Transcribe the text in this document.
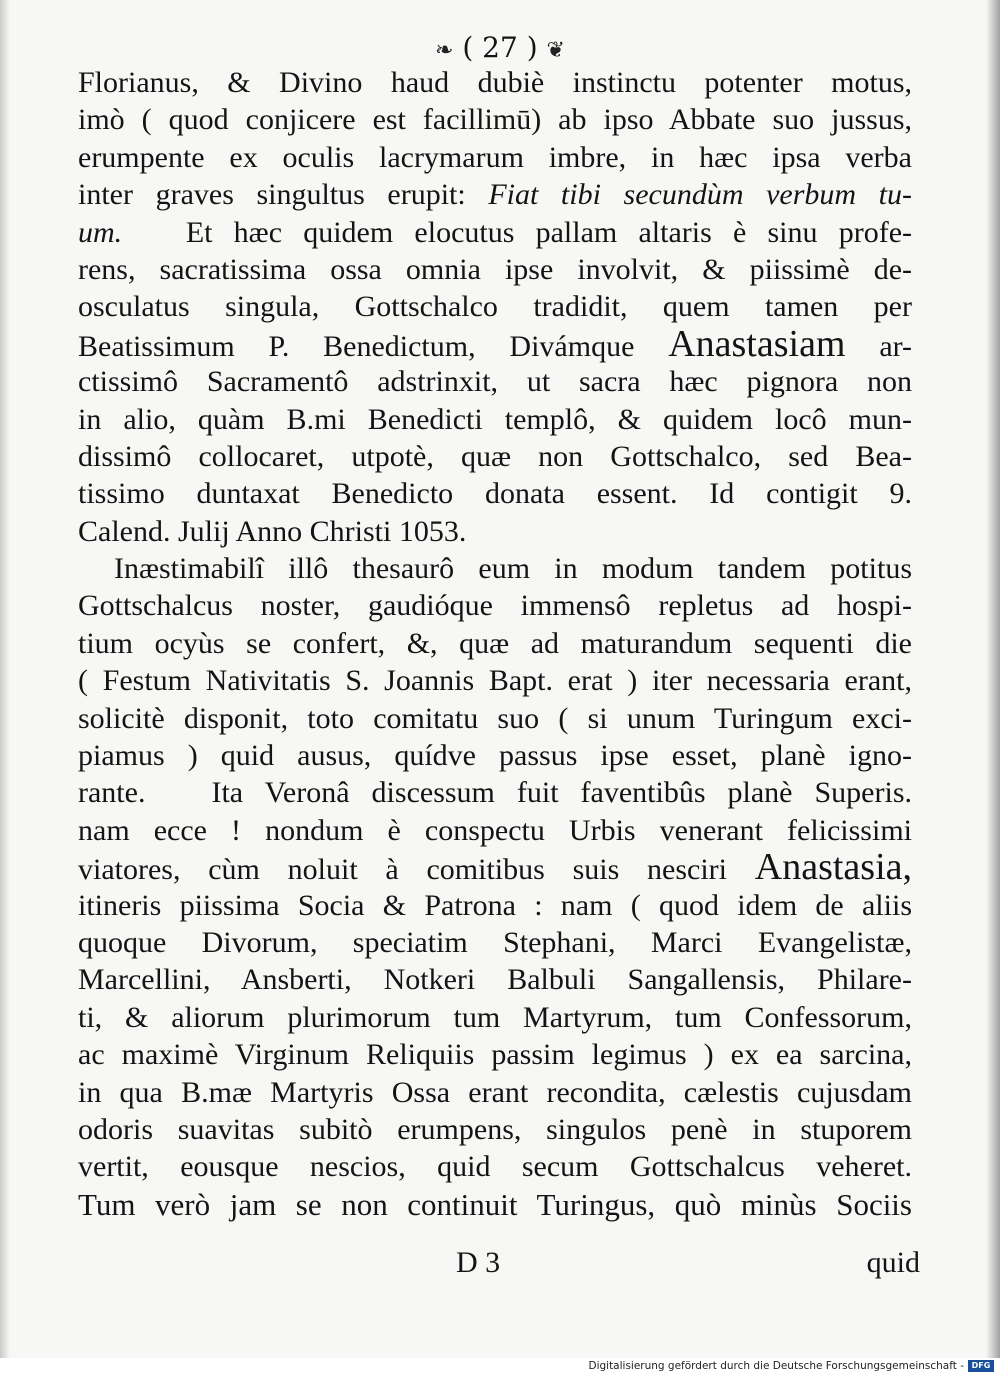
❧ ( 27 ) ❦
Florianus, & Divino haud dubiè instinctu potenter motus,
imò ( quod conjicere est facillimū) ab ipso Abbate suo jussus,
erumpente ex oculis lacrymarum imbre, in hæc ipsa verba
inter graves singultus erupit: Fiat tibi secundùm verbum tu-
um. Et hæc quidem elocutus pallam altaris è sinu profe-
rens, sacratissima ossa omnia ipse involvit, & piissimè de-
osculatus singula, Gottschalco tradidit, quem tamen per
Beatissimum P. Benedictum, Divámque Anastasiam ar-
ctissimô Sacramentô adstrinxit, ut sacra hæc pignora non
in alio, quàm B.mi Benedicti templô, & quidem locô mun-
dissimô collocaret, utpotè, quæ non Gottschalco, sed Bea-
tissimo duntaxat Benedicto donata essent. Id contigit 9.
Calend. Julij Anno Christi 1053.
Inæstimabilî illô thesaurô eum in modum tandem potitus
Gottschalcus noster, gaudióque immensô repletus ad hospi-
tium ocyùs se confert, &, quæ ad maturandum sequenti die
( Festum Nativitatis S. Joannis Bapt. erat ) iter necessaria erant,
solicitè disponit, toto comitatu suo ( si unum Turingum exci-
piamus ) quid ausus, quídve passus ipse esset, planè igno-
rante. Ita Veronâ discessum fuit faventibûs planè Superis.
nam ecce ! nondum è conspectu Urbis venerant felicissimi
viatores, cùm noluit à comitibus suis nesciri Anastasia,
itineris piissima Socia & Patrona : nam ( quod idem de aliis
quoque Divorum, speciatim Stephani, Marci Evangelistæ,
Marcellini, Ansberti, Notkeri Balbuli Sangallensis, Philare-
ti, & aliorum plurimorum tum Martyrum, tum Confessorum,
ac maximè Virginum Reliquiis passim legimus ) ex ea sarcina,
in qua B.mæ Martyris Ossa erant recondita, cælestis cujusdam
odoris suavitas subitò erumpens, singulos penè in stuporem
vertit, eousque nescios, quid secum Gottschalcus veheret.
Tum verò jam se non continuit Turingus, quò minùs Sociis
D 3	quid
Digitalisierung gefördert durch die Deutsche Forschungsgemeinschaft - DFG
